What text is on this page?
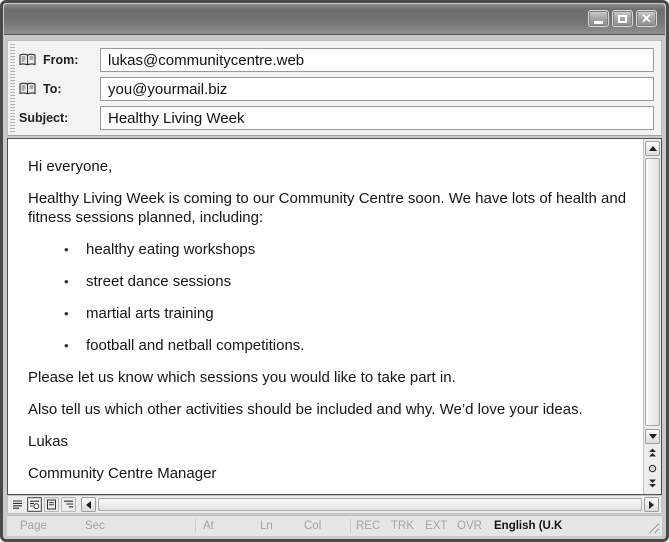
✕
From:
lukas@communitycentre.web
To:
you@yourmail.biz
Subject:
Healthy Living Week

Hi everyone,

Healthy Living Week is coming to our Community Centre soon. We have lots of health and fitness sessions planned, including:

•	healthy eating workshops
•	street dance sessions
•	martial arts training
•	football and netball competitions.

Please let us know which sessions you would like to take part in.

Also tell us which other activities should be included and why. We’d love your ideas.

Lukas

Community Centre Manager

Page	Sec	At	Ln	Col	REC TRK EXT OVR English (U.K
